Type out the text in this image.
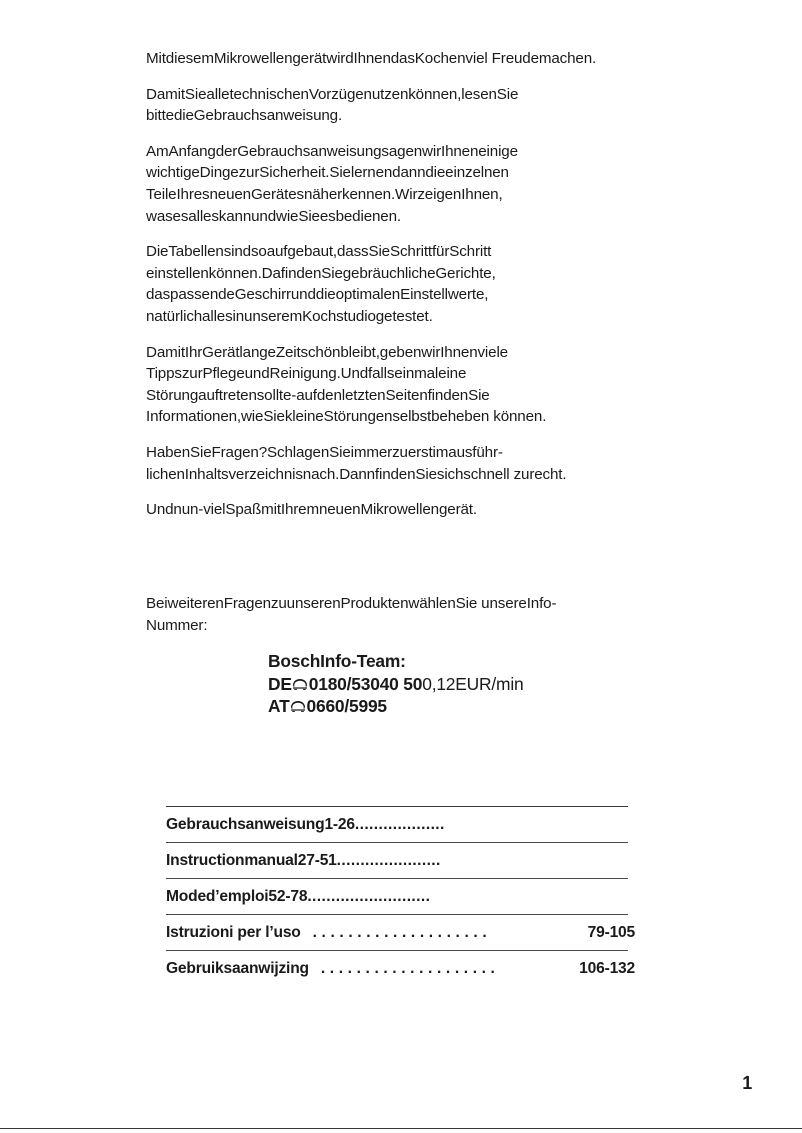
MitdiesemMikrowellengerätwirdIhnendasKochenviel Freudemachen.

DamitSiealletechnischenVorzügenutzenkönnen,lesenSie bittedieGebrauchsanweisung.

AmAnfangderGebrauchsanweisungsagenwirIhneneinige wichtigeDingezurSicherheit.Sielernendanndieeinzelnen TeileIhresneuenGerätesnäherkennen.WirzeigenIhnen, wasesalleskannundwieSieesbedienen.

DieTabellensindsoaufgebaut,dassSieSchrittfürSchritt einstellenkönnen.DafindenSiegebräuchlicheGerichte, daspassendeGeschirrunddieoptimalenEinstellwerte, natürlichallesinunseremKochstudiogetestet.

DamitIhrGerätlangeZeitschönbleibt,gebenwirIhnenviele TippszurPflegeundReinigung.Undfallseinmaleine Störungauftretensollte-aufdenletztenSeitenfindenSie Informationen,wieSiekleineStörungenselbstbeheben können.

HabenSieFragen?SchlagenSieimmerzuerstimausführ- lichenInhaltsverzeichnisnach.DannfindenSiesichschnell zurecht.

Undnun-vielSpaßmitIhremneuenMikrowellengerät.

BeiweiterenFragenzuunserenProduktenwählenSie unsereInfo-Nummer:
BoschInfo-Team:
DE 0180/53040 500,12EUR/min
AT 0660/5995
Gebrauchsanweisung1-26 ...................
Instructionmanual27-51 ......................
Moded’emploi52-78 ..........................
Istruzioni per l’uso ....................	79-105
Gebruiksaanwijzing ....................	106-132
1
